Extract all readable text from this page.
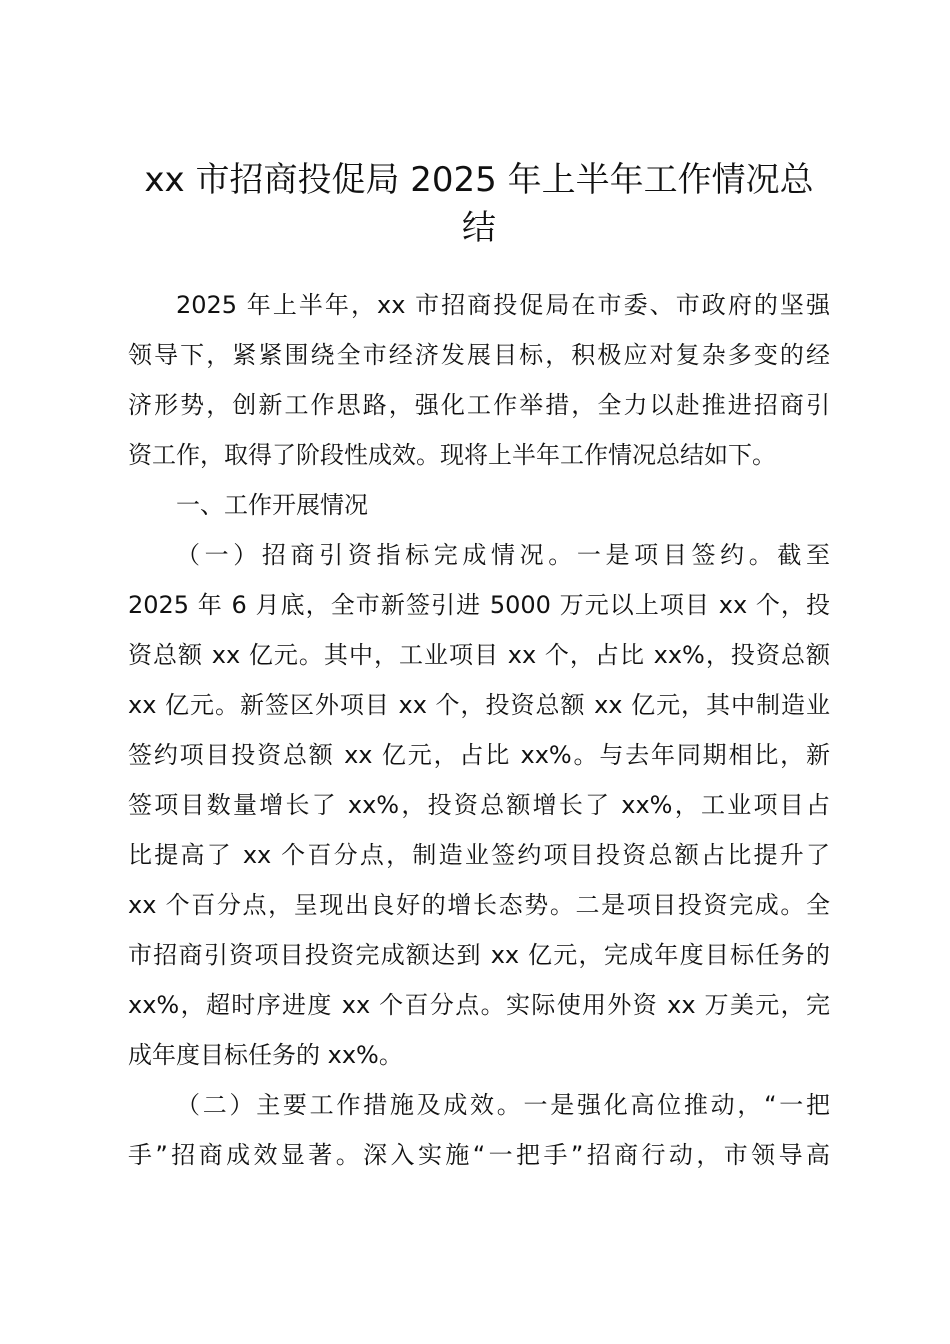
xx 市招商投促局 2025 年上半年工作情况总
结
2025 年上半年，xx 市招商投促局在市委、市政府的坚强
领导下，紧紧围绕全市经济发展目标，积极应对复杂多变的经
济形势，创新工作思路，强化工作举措，全力以赴推进招商引
资工作，取得了阶段性成效。现将上半年工作情况总结如下。
一、工作开展情况
（一）招商引资指标完成情况。一是项目签约。截至
2025 年 6 月底，全市新签引进 5000 万元以上项目 xx 个，投
资总额 xx 亿元。其中，工业项目 xx 个，占比 xx%，投资总额
xx 亿元。新签区外项目 xx 个，投资总额 xx 亿元，其中制造业
签约项目投资总额 xx 亿元，占比 xx%。与去年同期相比，新
签项目数量增长了 xx%，投资总额增长了 xx%，工业项目占
比提高了 xx 个百分点，制造业签约项目投资总额占比提升了
xx 个百分点，呈现出良好的增长态势。二是项目投资完成。全
市招商引资项目投资完成额达到 xx 亿元，完成年度目标任务的
xx%，超时序进度 xx 个百分点。实际使用外资 xx 万美元，完
成年度目标任务的 xx%。
（二）主要工作措施及成效。一是强化高位推动，“一把
手”招商成效显著。深入实施“一把手”招商行动，市领导高
